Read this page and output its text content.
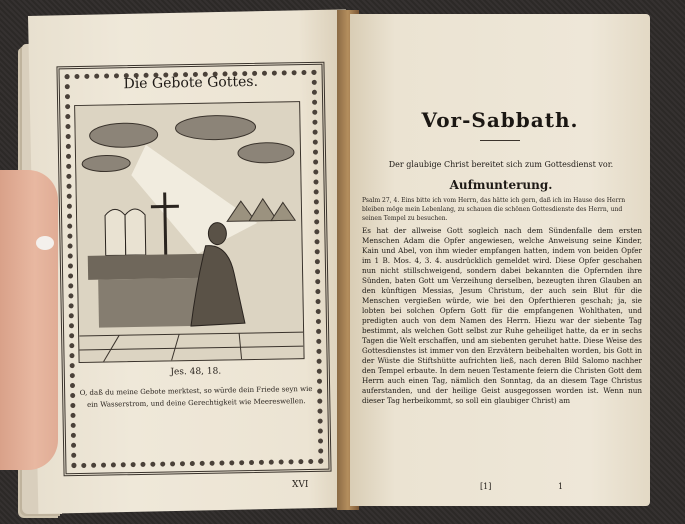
Die Gebote Gottes.
Jes. 48, 18.
O, daß du meine Gebote merktest, so würde dein Friede seyn wie ein Wasserstrom, und deine Gerechtigkeit wie Meereswellen.
XVI
Vor-Sabbath.
Der glaubige Christ bereitet sich zum Gottesdienst vor.
Aufmunterung.
Psalm 27, 4. Eins bitte ich vom Herrn, das hätte ich gern, daß ich im Hause des Herrn bleiben möge mein Lebenlang, zu schauen die schönen Gottesdienste des Herrn, und seinen Tempel zu besuchen.
Es hat der allweise Gott sogleich nach dem Sündenfalle dem ersten Menschen Adam die Opfer angewiesen, welche Anweisung seine Kinder, Kain und Abel, von ihm wieder empfangen hatten, indem von beiden Opfer im 1 B. Mos. 4, 3. 4. ausdrücklich gemeldet wird. Diese Opfer geschahen nun nicht stillschweigend, sondern dabei bekannten die Opfernden ihre Sünden, baten Gott um Verzeihung derselben, bezeugten ihren Glauben an den künftigen Messias, Jesum Christum, der auch sein Blut für die Menschen vergießen würde, wie bei den Opferthieren geschah; ja, sie lobten bei solchen Opfern Gott für die empfangenen Wohlthaten, und predigten auch von dem Namen des Herrn. Hiezu war der siebente Tag bestimmt, als welchen Gott selbst zur Ruhe geheiliget hatte, da er in sechs Tagen die Welt erschaffen, und am siebenten geruhet hatte. Diese Weise des Gottesdienstes ist immer von den Erzvätern beibehalten worden, bis Gott in der Wüste die Stiftshütte aufrichten ließ, nach deren Bild Salomo nachher den Tempel erbaute. In dem neuen Testamente feiern die Christen Gott dem Herrn auch einen Tag, nämlich den Sonntag, da an diesem Tage Christus auferstanden, und der heilige Geist ausgegossen worden ist. Wenn nun dieser Tag herbeikommt, so soll ein glaubiger Christ) am
[1]	1
